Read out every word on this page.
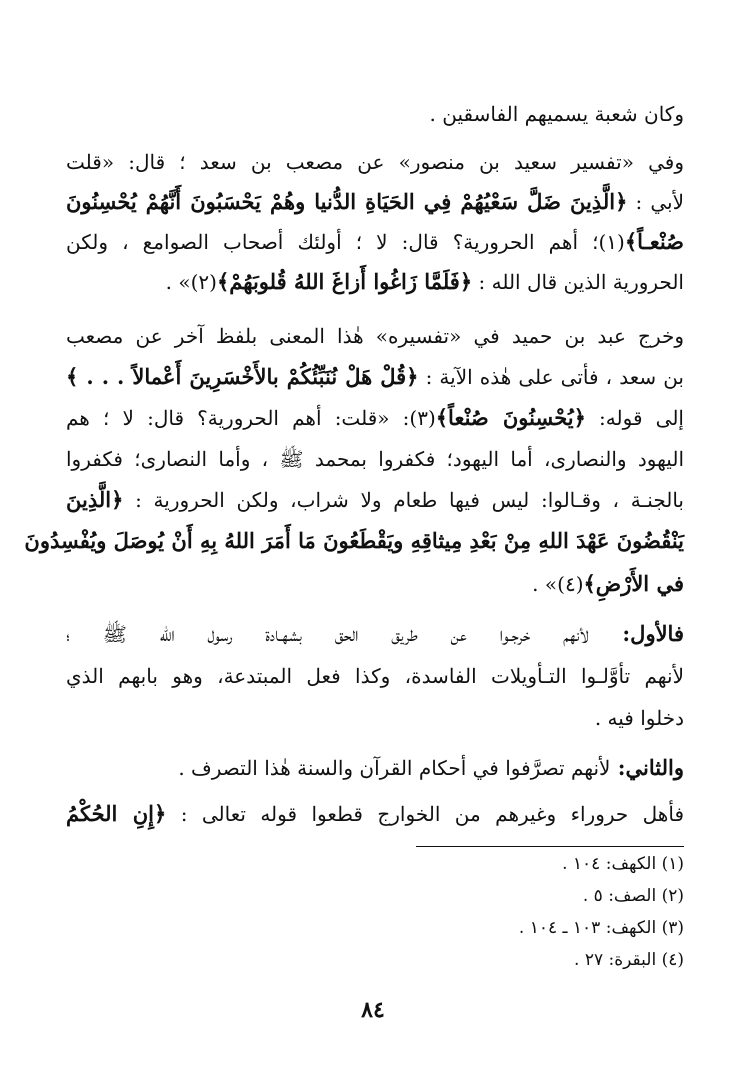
وكان شعبة يسميهم الفاسقين .
وفي «تفسير سعيد بن منصور» عن مصعب بن سعد ؛ قال: «قلت
لأبي : ﴿الَّذِينَ ضَلَّ سَعْيُهُمْ فِي الحَيَاةِ الدُّنيا وهُمْ يَحْسَبُونَ أَنَّهُمْ يُحْسِنُونَ
صُنْعـاً﴾(١)؛ أهم الحرورية؟ قال: لا ؛ أولئك أصحاب الصوامع ، ولكن
الحرورية الذين قال الله : ﴿فَلَمَّا زَاغُوا أَزاغَ اللهُ قُلوبَهُمْ﴾(٢)» .
وخرج عبد بن حميد في «تفسيره» هٰذا المعنى بلفظ آخر عن مصعب
بن سعد ، فأتى على هٰذه الآية : ﴿قُلْ هَلْ نُنَبِّئُكُمْ بالأَخْسَرِينَ أَعْمالاً . . . ﴾
إلى قوله: ﴿يُحْسِنُونَ صُنْعاً﴾(٣): «قلت: أهم الحرورية؟ قال: لا ؛ هم
اليهود والنصارى، أما اليهود؛ فكفروا بمحمد ﷺ ، وأما النصارى؛ فكفروا
بالجنـة ، وقـالوا: ليس فيها طعام ولا شراب، ولكن الحرورية : ﴿الَّذِينَ
يَنْقُضُونَ عَهْدَ اللهِ مِنْ بَعْدِ مِيثاقِهِ ويَقْطَعُونَ مَا أَمَرَ اللهُ بِهِ أَنْ يُوصَلَ ويُفْسِدُونَ
في الأَرْضِ﴾(٤)» .
فالأول: لأنهم خرجـوا عن طريق الحق بشهـادة رسول الله ﷺ ؛
لأنهم تأوَّلـوا التـأويلات الفاسدة، وكذا فعل المبتدعة، وهو بابهم الذي
دخلوا فيه .
والثاني: لأنهم تصرَّفوا في أحكام القرآن والسنة هٰذا التصرف .
فأهل حروراء وغيرهم من الخوارج قطعوا قوله تعالى : ﴿إِنِ الحُكْمُ
(١) الكهف: ١٠٤ .
(٢) الصف: ٥ .
(٣) الكهف: ١٠٣ ـ ١٠٤ .
(٤) البقرة: ٢٧ .
٨٤
